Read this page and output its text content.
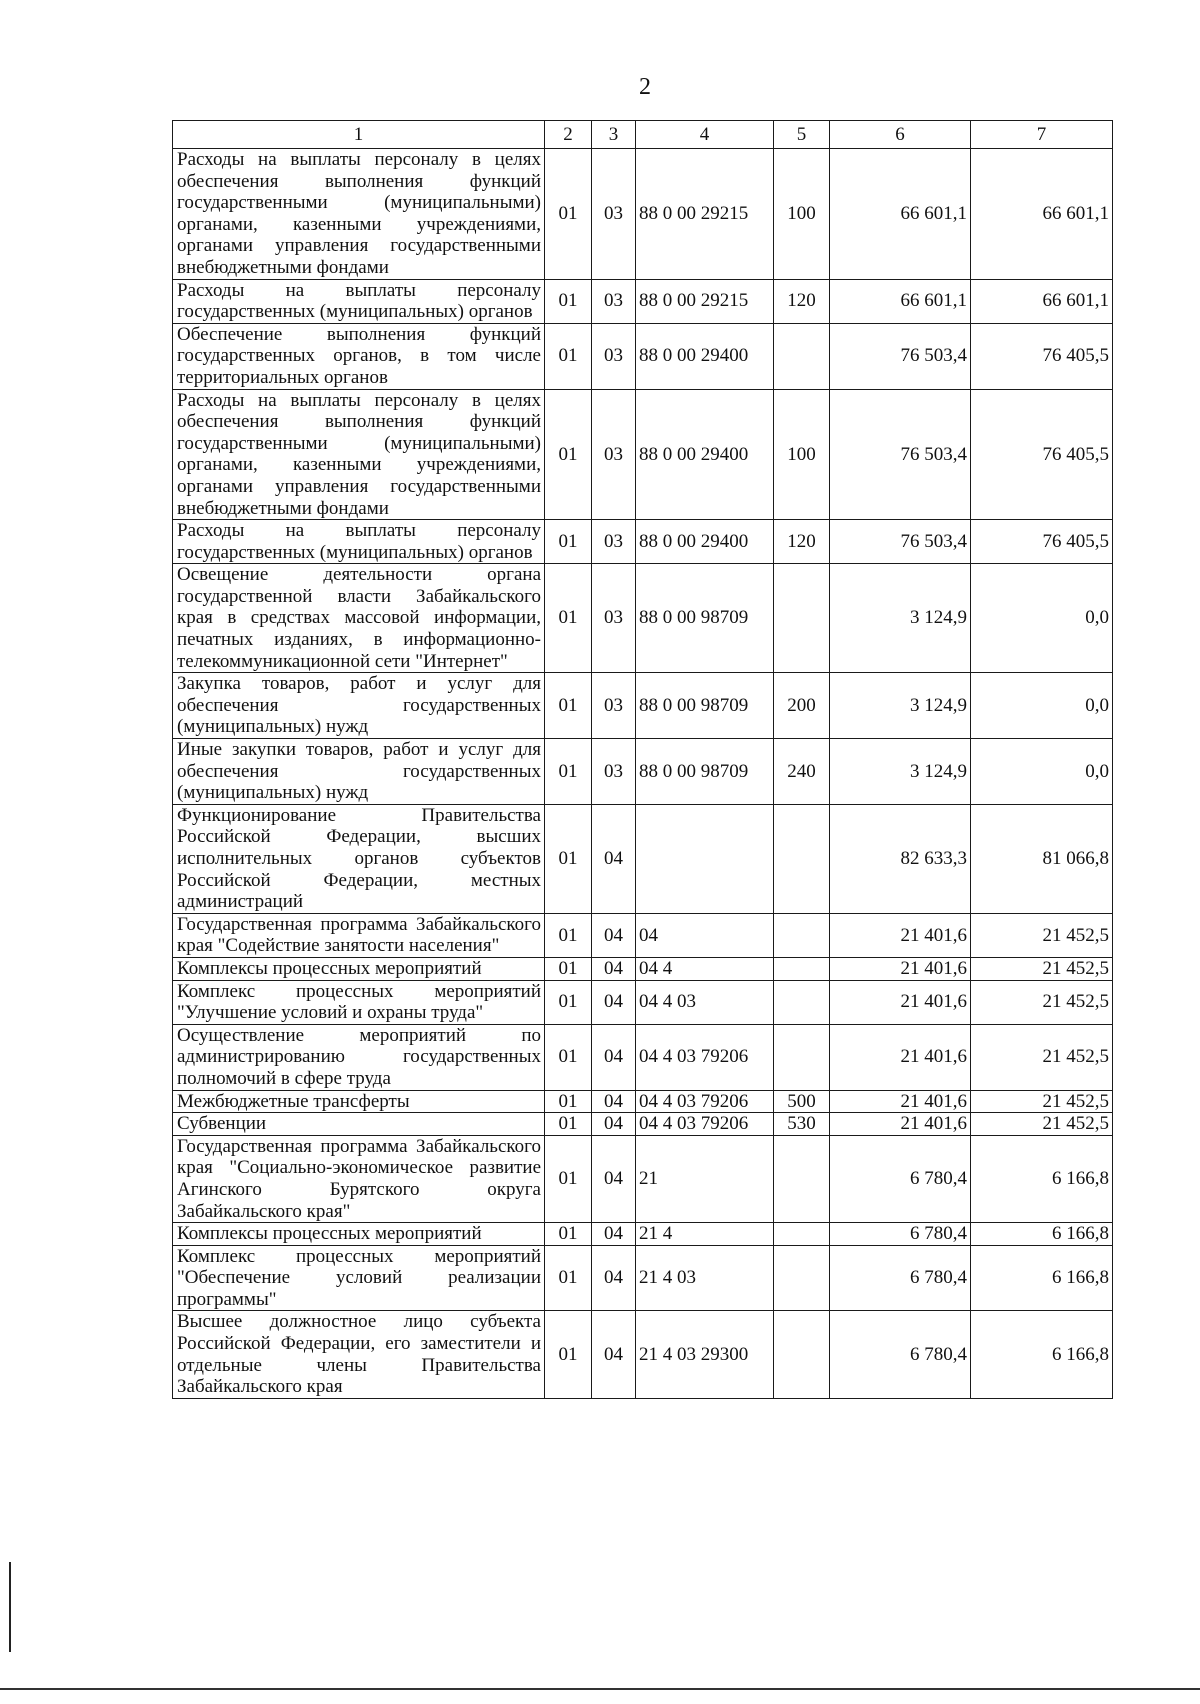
2
1	2	3	4	5	6	7
Расходы на выплаты персоналу в целях обеспечения выполнения функций государственными (муниципальными) органами, казенными учреждениями, органами управления государственными внебюджетными фондами	01	03	88 0 00 29215	100	66 601,1	66 601,1
Расходы на выплаты персоналу государственных (муниципальных) органов	01	03	88 0 00 29215	120	66 601,1	66 601,1
Обеспечение выполнения функций государственных органов, в том числе территориальных органов	01	03	88 0 00 29400		76 503,4	76 405,5
Расходы на выплаты персоналу в целях обеспечения выполнения функций государственными (муниципальными) органами, казенными учреждениями, органами управления государственными внебюджетными фондами	01	03	88 0 00 29400	100	76 503,4	76 405,5
Расходы на выплаты персоналу государственных (муниципальных) органов	01	03	88 0 00 29400	120	76 503,4	76 405,5
Освещение деятельности органа государственной власти Забайкальского края в средствах массовой информации, печатных изданиях, в информационно-телекоммуникационной сети "Интернет"	01	03	88 0 00 98709		3 124,9	0,0
Закупка товаров, работ и услуг для обеспечения государственных (муниципальных) нужд	01	03	88 0 00 98709	200	3 124,9	0,0
Иные закупки товаров, работ и услуг для обеспечения государственных (муниципальных) нужд	01	03	88 0 00 98709	240	3 124,9	0,0
Функционирование Правительства Российской Федерации, высших исполнительных органов субъектов Российской Федерации, местных администраций	01	04			82 633,3	81 066,8
Государственная программа Забайкальского края "Содействие занятости населения"	01	04	04		21 401,6	21 452,5
Комплексы процессных мероприятий	01	04	04 4		21 401,6	21 452,5
Комплекс процессных мероприятий "Улучшение условий и охраны труда"	01	04	04 4 03		21 401,6	21 452,5
Осуществление мероприятий по администрированию государственных полномочий в сфере труда	01	04	04 4 03 79206		21 401,6	21 452,5
Межбюджетные трансферты	01	04	04 4 03 79206	500	21 401,6	21 452,5
Субвенции	01	04	04 4 03 79206	530	21 401,6	21 452,5
Государственная программа Забайкальского края "Социально-экономическое развитие Агинского Бурятского округа Забайкальского края"	01	04	21		6 780,4	6 166,8
Комплексы процессных мероприятий	01	04	21 4		6 780,4	6 166,8
Комплекс процессных мероприятий "Обеспечение условий реализации программы"	01	04	21 4 03		6 780,4	6 166,8
Высшее должностное лицо субъекта Российской Федерации, его заместители и отдельные члены Правительства Забайкальского края	01	04	21 4 03 29300		6 780,4	6 166,8
